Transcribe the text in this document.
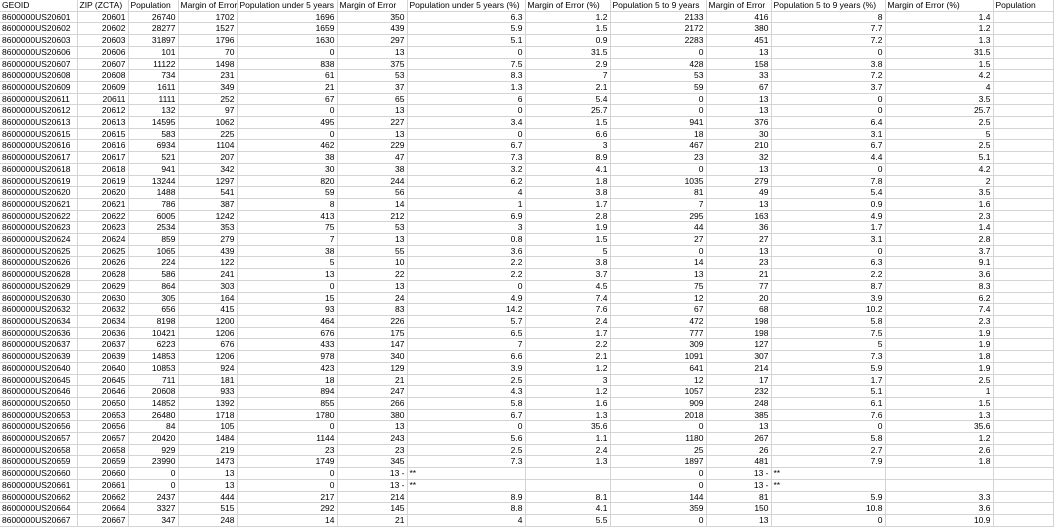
GEOID	ZIP (ZCTA)	Population	Margin of Error	Population under 5 years	Margin of Error	Population under 5 years (%)	Margin of Error (%)	Population 5 to 9 years	Margin of Error	Population 5 to 9 years (%)	Margin of Error (%)	Population
8600000US20601	20601	26740	1702	1696	350	6.3	1.2	2133	416	8	1.4	
8600000US20602	20602	28277	1527	1659	439	5.9	1.5	2172	380	7.7	1.2	
8600000US20603	20603	31897	1796	1630	297	5.1	0.9	2283	451	7.2	1.3	
8600000US20606	20606	101	70	0	13	0	31.5	0	13	0	31.5	
8600000US20607	20607	11122	1498	838	375	7.5	2.9	428	158	3.8	1.5	
8600000US20608	20608	734	231	61	53	8.3	7	53	33	7.2	4.2	
8600000US20609	20609	1611	349	21	37	1.3	2.1	59	67	3.7	4	
8600000US20611	20611	1111	252	67	65	6	5.4	0	13	0	3.5	
8600000US20612	20612	132	97	0	13	0	25.7	0	13	0	25.7	
8600000US20613	20613	14595	1062	495	227	3.4	1.5	941	376	6.4	2.5	
8600000US20615	20615	583	225	0	13	0	6.6	18	30	3.1	5	
8600000US20616	20616	6934	1104	462	229	6.7	3	467	210	6.7	2.5	
8600000US20617	20617	521	207	38	47	7.3	8.9	23	32	4.4	5.1	
8600000US20618	20618	941	342	30	38	3.2	4.1	0	13	0	4.2	
8600000US20619	20619	13244	1297	820	244	6.2	1.8	1035	279	7.8	2	
8600000US20620	20620	1488	541	59	56	4	3.8	81	49	5.4	3.5	
8600000US20621	20621	786	387	8	14	1	1.7	7	13	0.9	1.6	
8600000US20622	20622	6005	1242	413	212	6.9	2.8	295	163	4.9	2.3	
8600000US20623	20623	2534	353	75	53	3	1.9	44	36	1.7	1.4	
8600000US20624	20624	859	279	7	13	0.8	1.5	27	27	3.1	2.8	
8600000US20625	20625	1065	439	38	55	3.6	5	0	13	0	3.7	
8600000US20626	20626	224	122	5	10	2.2	3.8	14	23	6.3	9.1	
8600000US20628	20628	586	241	13	22	2.2	3.7	13	21	2.2	3.6	
8600000US20629	20629	864	303	0	13	0	4.5	75	77	8.7	8.3	
8600000US20630	20630	305	164	15	24	4.9	7.4	12	20	3.9	6.2	
8600000US20632	20632	656	415	93	83	14.2	7.6	67	68	10.2	7.4	
8600000US20634	20634	8198	1200	464	226	5.7	2.4	472	198	5.8	2.3	
8600000US20636	20636	10421	1206	676	175	6.5	1.7	777	198	7.5	1.9	
8600000US20637	20637	6223	676	433	147	7	2.2	309	127	5	1.9	
8600000US20639	20639	14853	1206	978	340	6.6	2.1	1091	307	7.3	1.8	
8600000US20640	20640	10853	924	423	129	3.9	1.2	641	214	5.9	1.9	
8600000US20645	20645	711	181	18	21	2.5	3	12	17	1.7	2.5	
8600000US20646	20646	20608	933	894	247	4.3	1.2	1057	232	5.1	1	
8600000US20650	20650	14852	1392	855	266	5.8	1.6	909	248	6.1	1.5	
8600000US20653	20653	26480	1718	1780	380	6.7	1.3	2018	385	7.6	1.3	
8600000US20656	20656	84	105	0	13	0	35.6	0	13	0	35.6	
8600000US20657	20657	20420	1484	1144	243	5.6	1.1	1180	267	5.8	1.2	
8600000US20658	20658	929	219	23	23	2.5	2.4	25	26	2.7	2.6	
8600000US20659	20659	23990	1473	1749	345	7.3	1.3	1897	481	7.9	1.8	
8600000US20660	20660	0	13	0	13 -	**		0	13 -	**		
8600000US20661	20661	0	13	0	13 -	**		0	13 -	**		
8600000US20662	20662	2437	444	217	214	8.9	8.1	144	81	5.9	3.3	
8600000US20664	20664	3327	515	292	145	8.8	4.1	359	150	10.8	3.6	
8600000US20667	20667	347	248	14	21	4	5.5	0	13	0	10.9	
